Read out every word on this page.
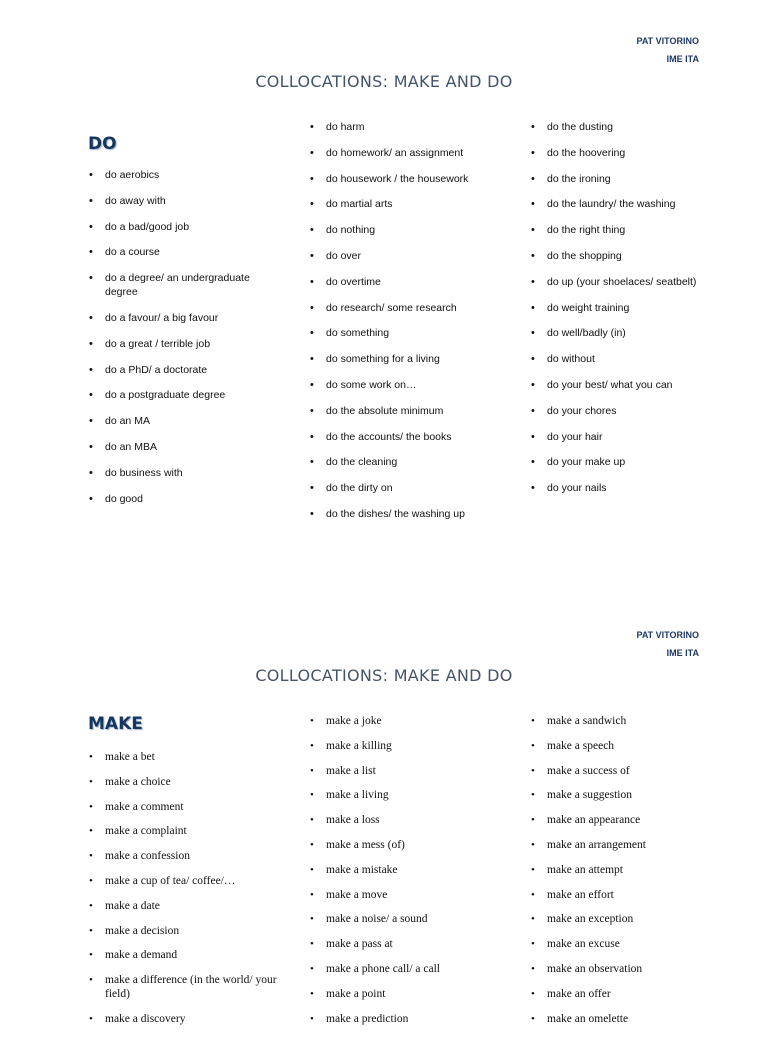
PAT VITORINO
IME ITA
COLLOCATIONS: MAKE AND DO
DO
• do aerobics
• do away with
• do a bad/good job
• do a course
• do a degree/ an undergraduate degree
• do a favour/ a big favour
• do a great / terrible job
• do a PhD/ a doctorate
• do a postgraduate degree
• do an MA
• do an MBA
• do business with
• do good
• do harm
• do homework/ an assignment
• do housework / the housework
• do martial arts
• do nothing
• do over
• do overtime
• do research/ some research
• do something
• do something for a living
• do some work on…
• do the absolute minimum
• do the accounts/ the books
• do the cleaning
• do the dirty on
• do the dishes/ the washing up
• do the dusting
• do the hoovering
• do the ironing
• do the laundry/ the washing
• do the right thing
• do the shopping
• do up (your shoelaces/ seatbelt)
• do weight training
• do well/badly (in)
• do without
• do your best/ what you can
• do your chores
• do your hair
• do your make up
• do your nails
PAT VITORINO
IME ITA
COLLOCATIONS: MAKE AND DO
MAKE
• make a bet
• make a choice
• make a comment
• make a complaint
• make a confession
• make a cup of tea/ coffee/…
• make a date
• make a decision
• make a demand
• make a difference (in the world/ your field)
• make a discovery
• make a joke
• make a killing
• make a list
• make a living
• make a loss
• make a mess (of)
• make a mistake
• make a move
• make a noise/ a sound
• make a pass at
• make a phone call/ a call
• make a point
• make a prediction
• make a sandwich
• make a speech
• make a success of
• make a suggestion
• make an appearance
• make an arrangement
• make an attempt
• make an effort
• make an exception
• make an excuse
• make an observation
• make an offer
• make an omelette
